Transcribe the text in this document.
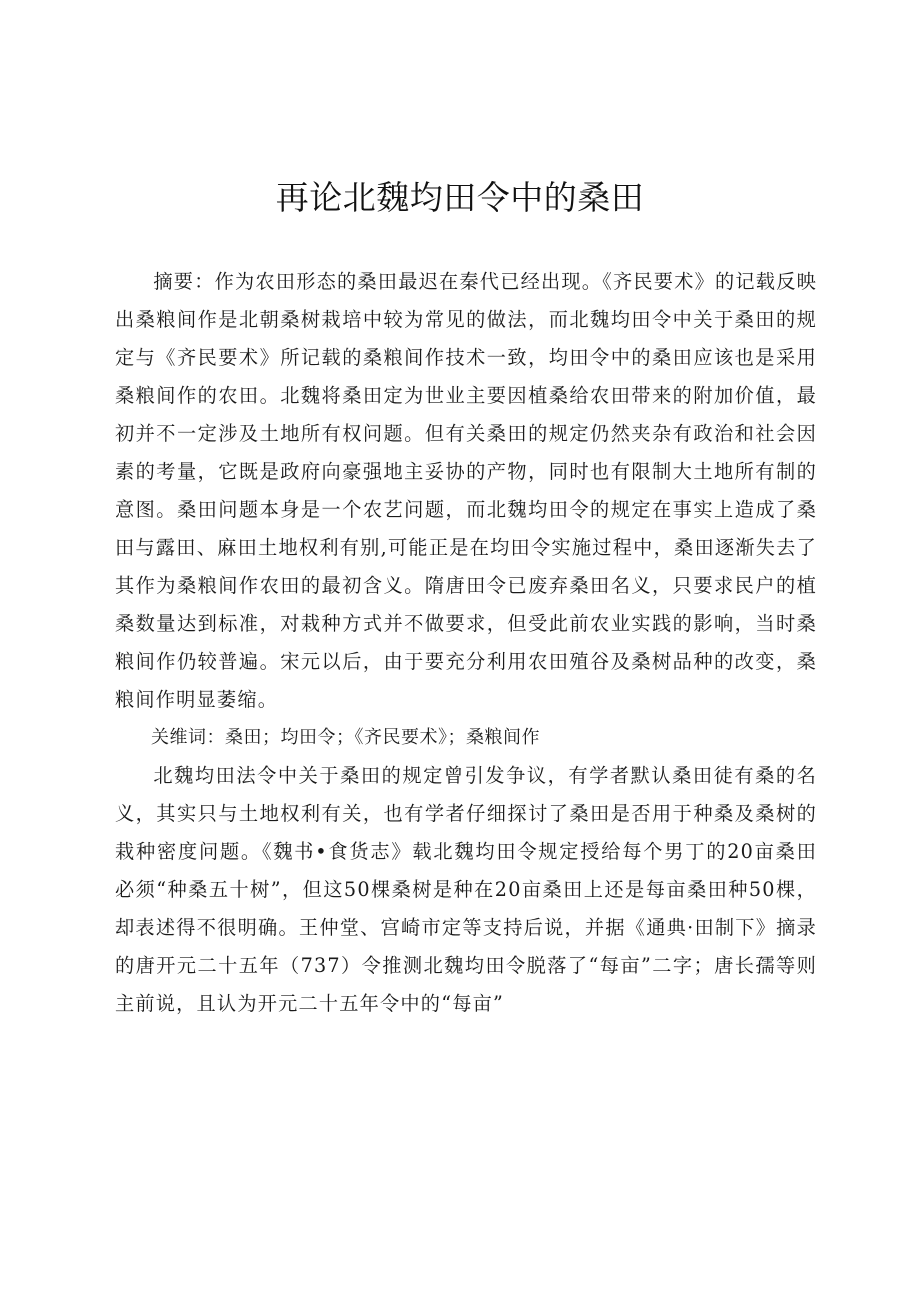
再论北魏均田令中的桑田

摘要：作为农田形态的桑田最迟在秦代已经出现。《齐民要术》的记载反映出桑粮间作是北朝桑树栽培中较为常见的做法，而北魏均田令中关于桑田的规定与《齐民要术》所记载的桑粮间作技术一致，均田令中的桑田应该也是采用桑粮间作的农田。北魏将桑田定为世业主要因植桑给农田带来的附加价值，最初并不一定涉及土地所有权问题。但有关桑田的规定仍然夹杂有政治和社会因素的考量，它既是政府向豪强地主妥协的产物，同时也有限制大土地所有制的意图。桑田问题本身是一个农艺问题，而北魏均田令的规定在事实上造成了桑田与露田、麻田土地权利有别,可能正是在均田令实施过程中，桑田逐渐失去了其作为桑粮间作农田的最初含义。隋唐田令已废弃桑田名义，只要求民户的植桑数量达到标准，对栽种方式并不做要求，但受此前农业实践的影响，当时桑粮间作仍较普遍。宋元以后，由于要充分利用农田殖谷及桑树品种的改变，桑粮间作明显萎缩。

关维词：桑田；均田令；《齐民要术》；桑粮间作

北魏均田法令中关于桑田的规定曾引发争议，有学者默认桑田徒有桑的名义，其实只与土地权利有关，也有学者仔细探讨了桑田是否用于种桑及桑树的栽种密度问题。《魏书•食货志》载北魏均田令规定授给每个男丁的20亩桑田必须“种桑五十树”，但这50棵桑树是种在20亩桑田上还是每亩桑田种50棵，却表述得不很明确。王仲堂、宫崎市定等支持后说，并据《通典·田制下》摘录的唐开元二十五年（737）令推测北魏均田令脱落了“每亩”二字；唐长孺等则主前说，且认为开元二十五年令中的“每亩”
